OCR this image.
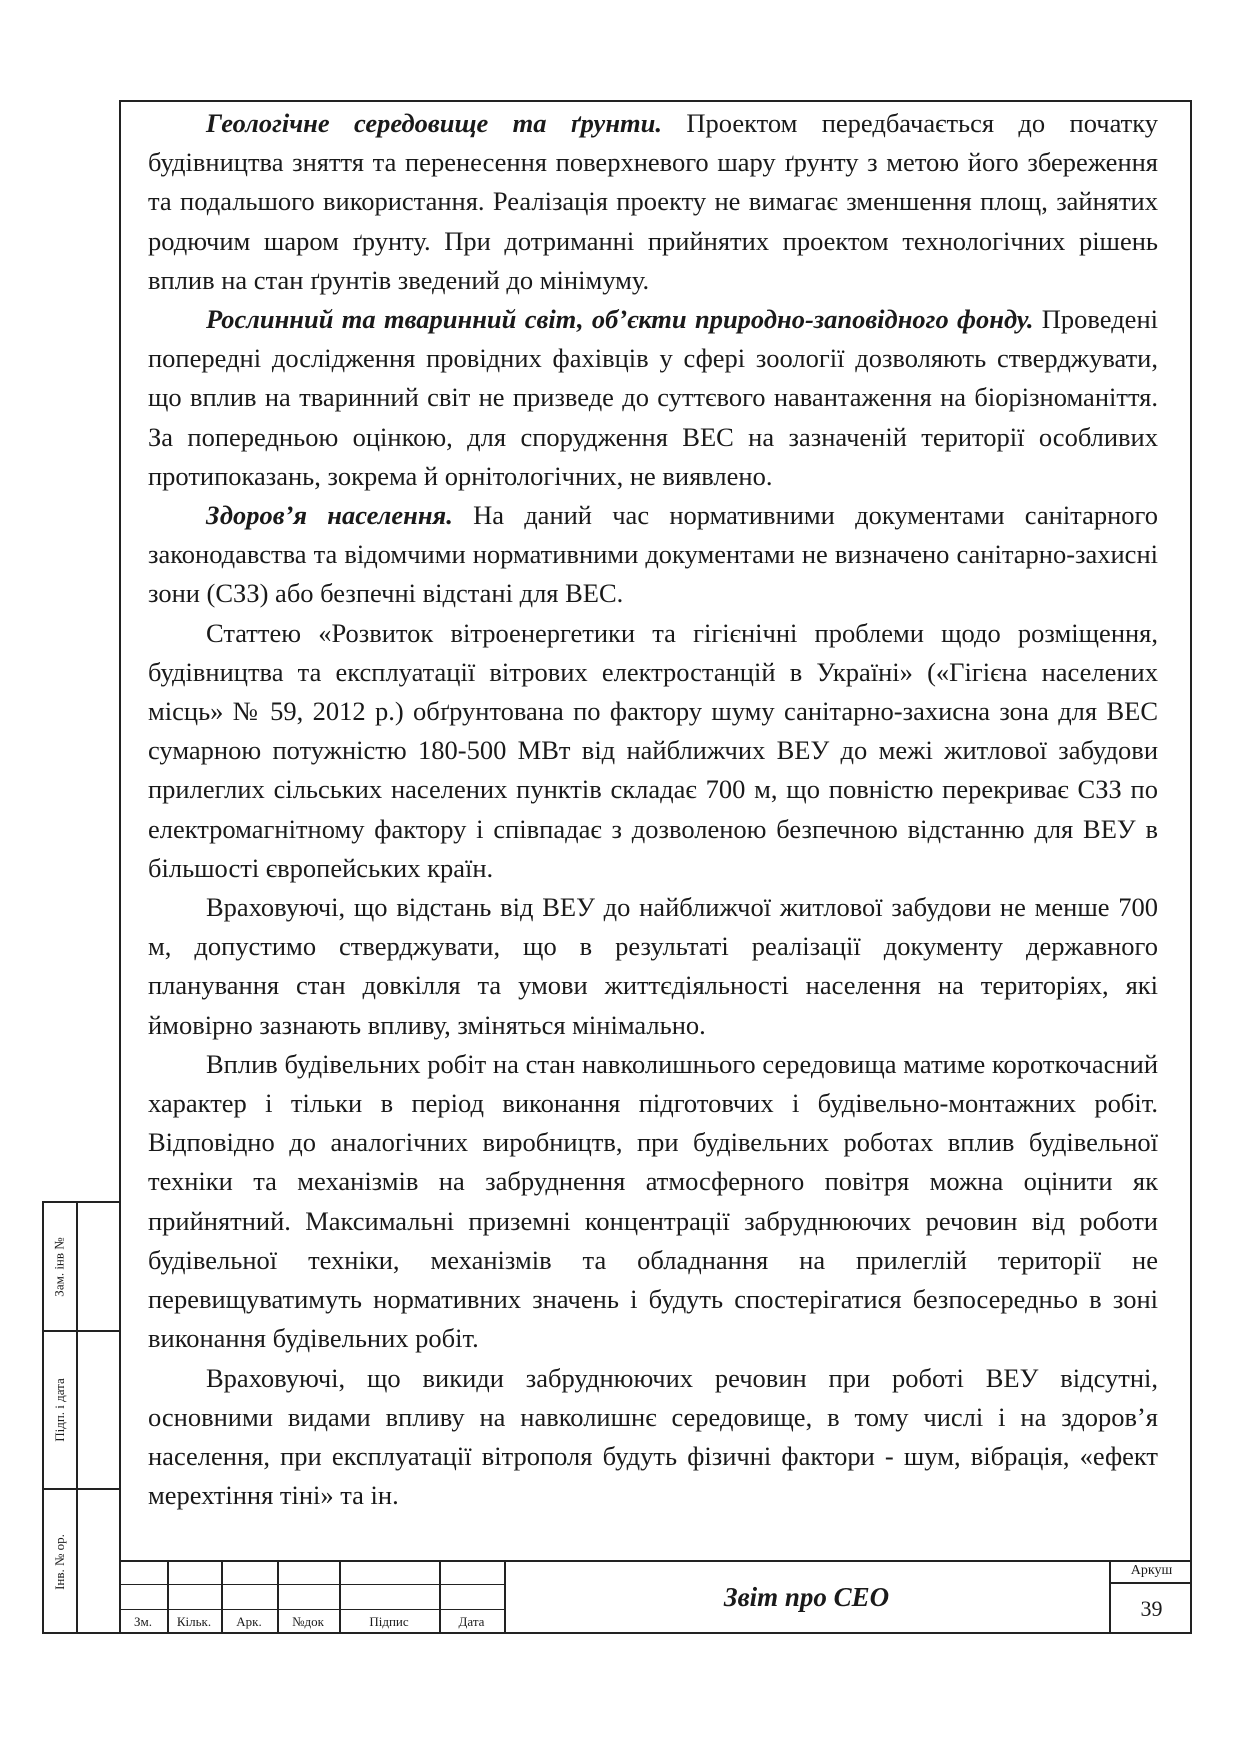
Геологічне середовище та ґрунти. Проектом передбачається до початку будівництва зняття та перенесення поверхневого шару ґрунту з метою його збереження та подальшого використання. Реалізація проекту не вимагає зменшення площ, зайнятих родючим шаром ґрунту. При дотриманні прийнятих проектом технологічних рішень вплив на стан ґрунтів зведений до мінімуму.

Рослинний та тваринний світ, об’єкти природно-заповідного фонду. Проведені попередні дослідження провідних фахівців у сфері зоології дозволяють стверджувати, що вплив на тваринний світ не призведе до суттєвого навантаження на біорізноманіття. За попередньою оцінкою, для спорудження ВЕС на зазначеній території особливих протипоказань, зокрема й орнітологічних, не виявлено.

Здоров’я населення. На даний час нормативними документами санітарного законодавства та відомчими нормативними документами не визначено санітарно-захисні зони (СЗЗ) або безпечні відстані для ВЕС.

Статтею «Розвиток вітроенергетики та гігієнічні проблеми щодо розміщення, будівництва та експлуатації вітрових електростанцій в Україні» («Гігієна населених місць» № 59, 2012 р.) обґрунтована по фактору шуму санітарно-захисна зона для ВЕС сумарною потужністю 180-500 МВт від найближчих ВЕУ до межі житлової забудови прилеглих сільських населених пунктів складає 700 м, що повністю перекриває СЗЗ по електромагнітному фактору і співпадає з дозволеною безпечною відстанню для ВЕУ в більшості європейських країн.

Враховуючі, що відстань від ВЕУ до найближчої житлової забудови не менше 700 м, допустимо стверджувати, що в результаті реалізації документу державного планування стан довкілля та умови життєдіяльності населення на територіях, які ймовірно зазнають впливу, зміняться мінімально.

Вплив будівельних робіт на стан навколишнього середовища матиме короткочасний характер і тільки в період виконання підготовчих і будівельно-монтажних робіт. Відповідно до аналогічних виробництв, при будівельних роботах вплив будівельної техніки та механізмів на забруднення атмосферного повітря можна оцінити як прийнятний. Максимальні приземні концентрації забруднюючих речовин від роботи будівельної техніки, механізмів та обладнання на прилеглій території не перевищуватимуть нормативних значень і будуть спостерігатися безпосередньо в зоні виконання будівельних робіт.

Враховуючі, що викиди забруднюючих речовин при роботі ВЕУ відсутні, основними видами впливу на навколишнє середовище, в тому числі і на здоров’я населення, при експлуатації вітрополя будуть фізичні фактори - шум, вібрація, «ефект мерехтіння тіні» та ін.

Зам. інв №
Підп. і дата
Інв. № ор.
Зм.	Кільк.	Арк.	№док	Підпис	Дата
Звіт про СЕО
Аркуш
39
